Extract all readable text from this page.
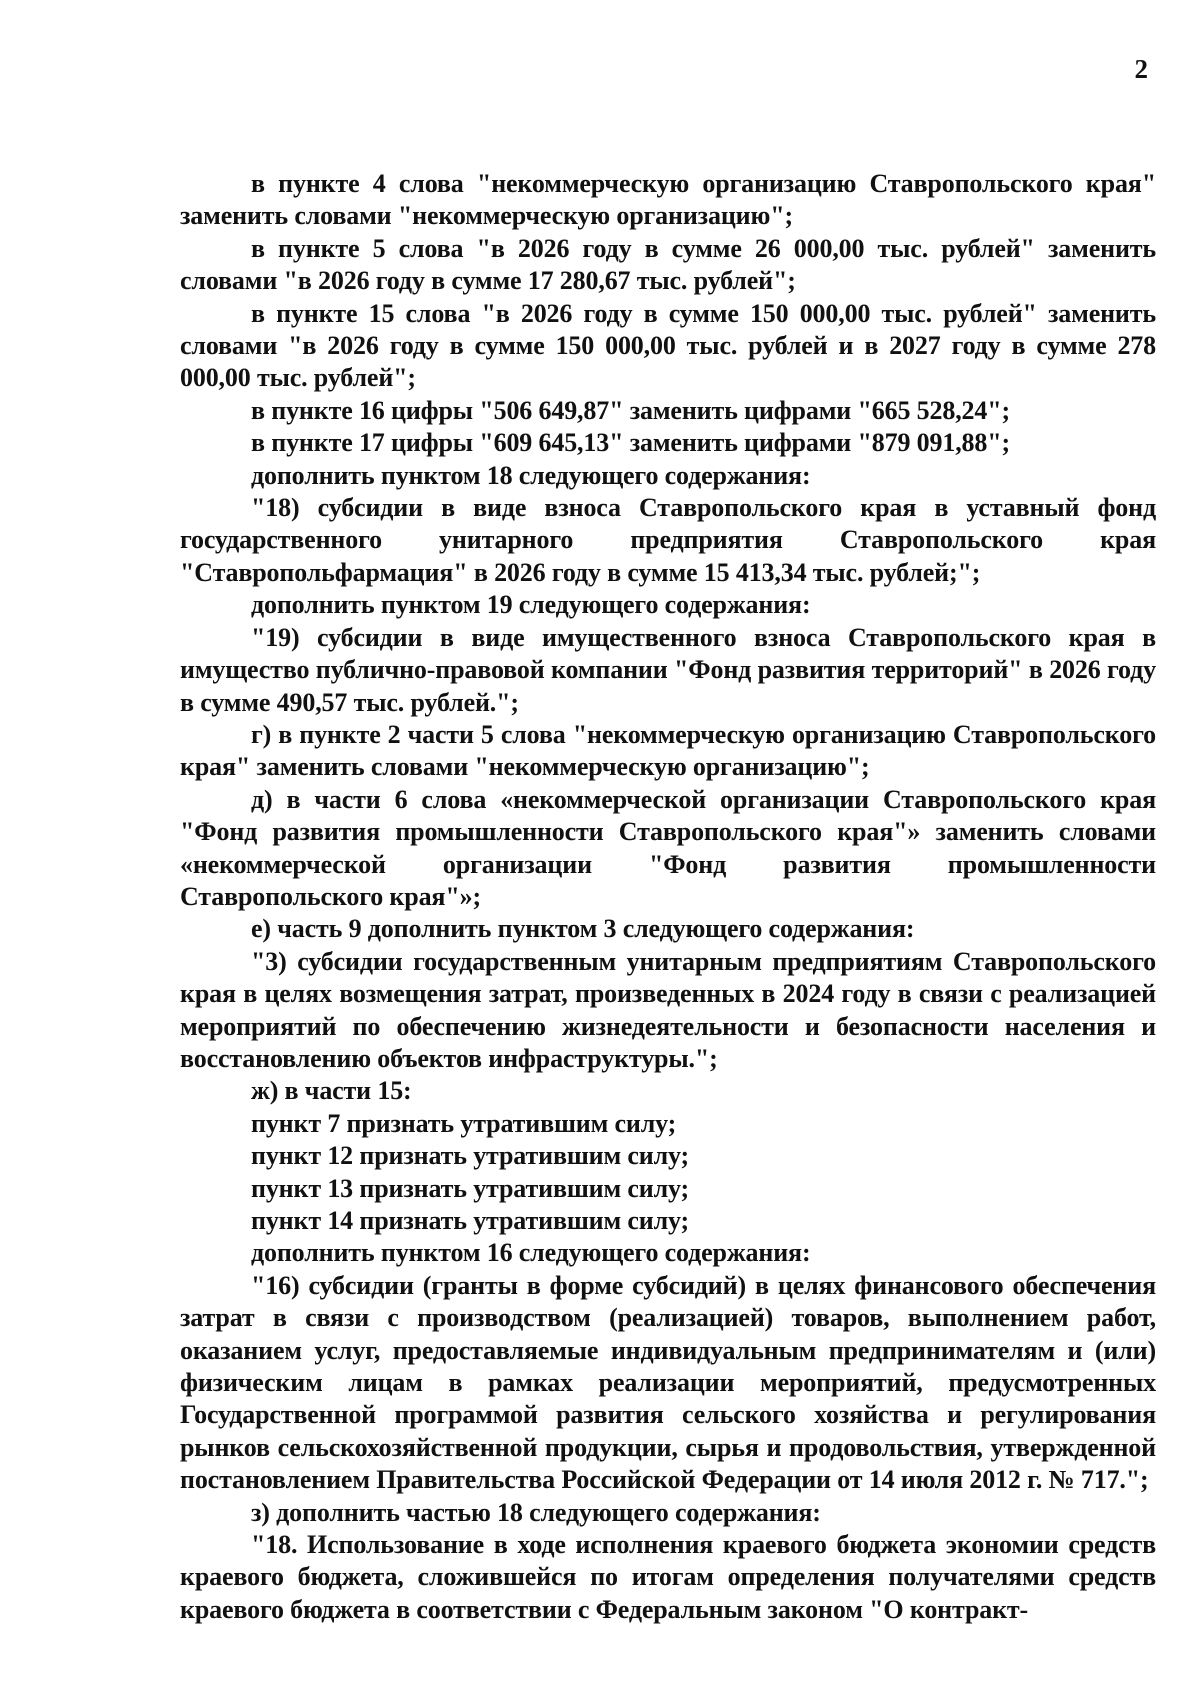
2

в пункте 4 слова "некоммерческую организацию Ставропольского края" заменить словами "некоммерческую организацию";

в пункте 5 слова "в 2026 году в сумме 26 000,00 тыс. рублей" заменить словами "в 2026 году в сумме 17 280,67 тыс. рублей";

в пункте 15 слова "в 2026 году в сумме 150 000,00 тыс. рублей" заменить словами "в 2026 году в сумме 150 000,00 тыс. рублей и в 2027 году в сумме 278 000,00 тыс. рублей";

в пункте 16 цифры "506 649,87" заменить цифрами "665 528,24";

в пункте 17 цифры "609 645,13" заменить цифрами "879 091,88";

дополнить пунктом 18 следующего содержания:

"18) субсидии в виде взноса Ставропольского края в уставный фонд государственного унитарного предприятия Ставропольского края "Ставропольфармация" в 2026 году в сумме 15 413,34 тыс. рублей;";

дополнить пунктом 19 следующего содержания:

"19) субсидии в виде имущественного взноса Ставропольского края в имущество публично-правовой компании "Фонд развития территорий" в 2026 году в сумме 490,57 тыс. рублей.";

г) в пункте 2 части 5 слова "некоммерческую организацию Ставропольского края" заменить словами "некоммерческую организацию";

д) в части 6 слова «некоммерческой организации Ставропольского края "Фонд развития промышленности Ставропольского края"» заменить словами «некоммерческой организации "Фонд развития промышленности Ставропольского края"»;

е) часть 9 дополнить пунктом 3 следующего содержания:

"3) субсидии государственным унитарным предприятиям Ставропольского края в целях возмещения затрат, произведенных в 2024 году в связи с реализацией мероприятий по обеспечению жизнедеятельности и безопасности населения и восстановлению объектов инфраструктуры.";

ж) в части 15:

пункт 7 признать утратившим силу;

пункт 12 признать утратившим силу;

пункт 13 признать утратившим силу;

пункт 14 признать утратившим силу;

дополнить пунктом 16 следующего содержания:

"16) субсидии (гранты в форме субсидий) в целях финансового обеспечения затрат в связи с производством (реализацией) товаров, выполнением работ, оказанием услуг, предоставляемые индивидуальным предпринимателям и (или) физическим лицам в рамках реализации мероприятий, предусмотренных Государственной программой развития сельского хозяйства и регулирования рынков сельскохозяйственной продукции, сырья и продовольствия, утвержденной постановлением Правительства Российской Федерации от 14 июля 2012 г. № 717.";

з) дополнить частью 18 следующего содержания:

"18. Использование в ходе исполнения краевого бюджета экономии средств краевого бюджета, сложившейся по итогам определения получателями средств краевого бюджета в соответствии с Федеральным законом "О контракт-
